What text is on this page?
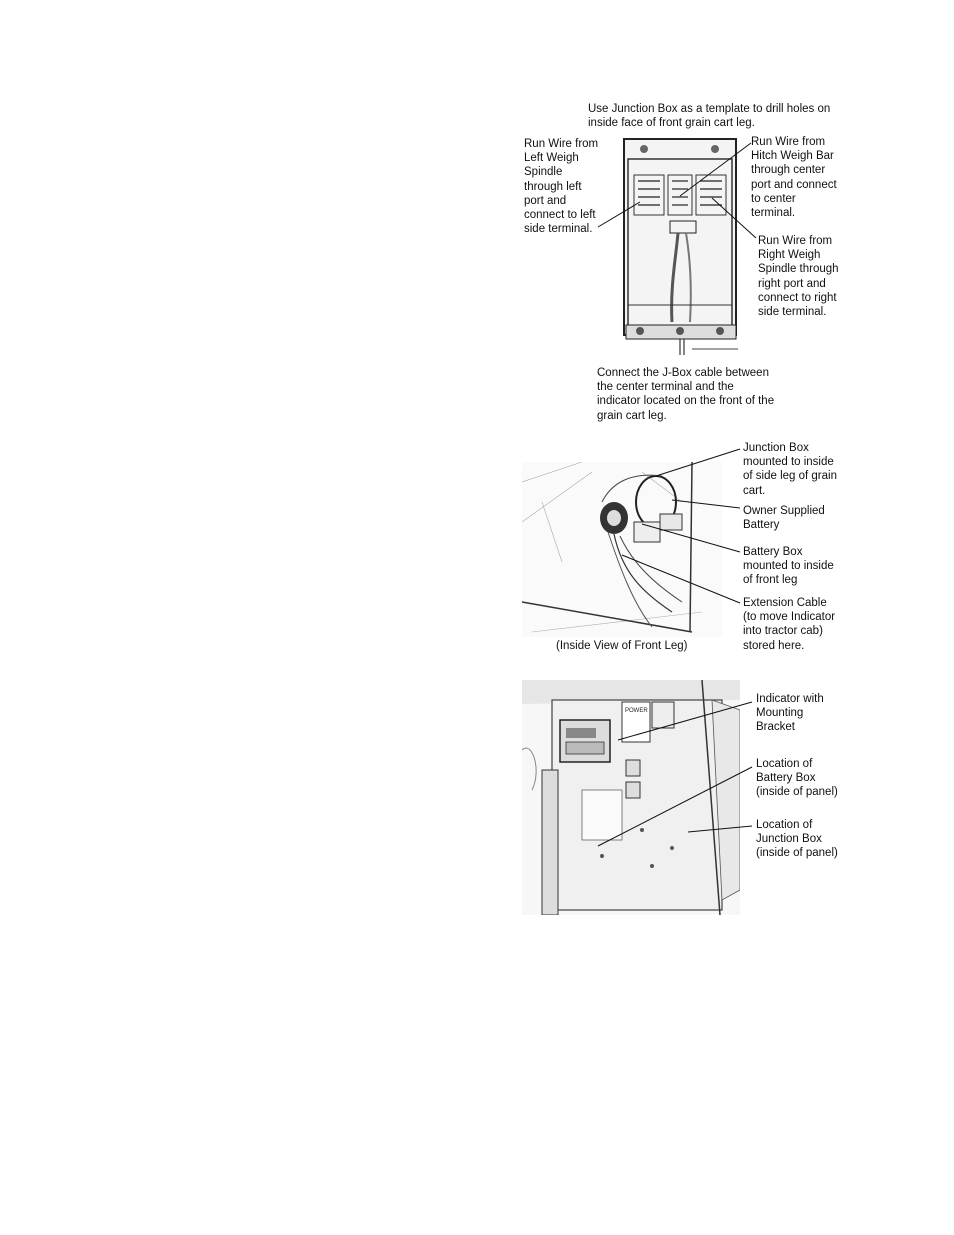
Use Junction Box as a template to drill holes on
inside face of front grain cart leg.
Run Wire from
Left Weigh
Spindle
through left
port and
connect to left
side terminal.
Run Wire from
Hitch Weigh Bar
through center
port and connect
to center
terminal.
Run Wire from
Right Weigh
Spindle through
right port and
connect to right
side terminal.
Connect the J-Box cable between
the center terminal and the
indicator located on the front of the
grain cart leg.
Junction Box
mounted to inside
of side leg of grain
cart.
Owner Supplied
Battery
Battery Box
mounted to inside
of front leg
Extension Cable
(to move Indicator
into tractor cab)
stored here.
(Inside View of Front Leg)
POWER
Indicator with
Mounting
Bracket
Location of
Battery Box
(inside of panel)
Location of
Junction Box
(inside of panel)
